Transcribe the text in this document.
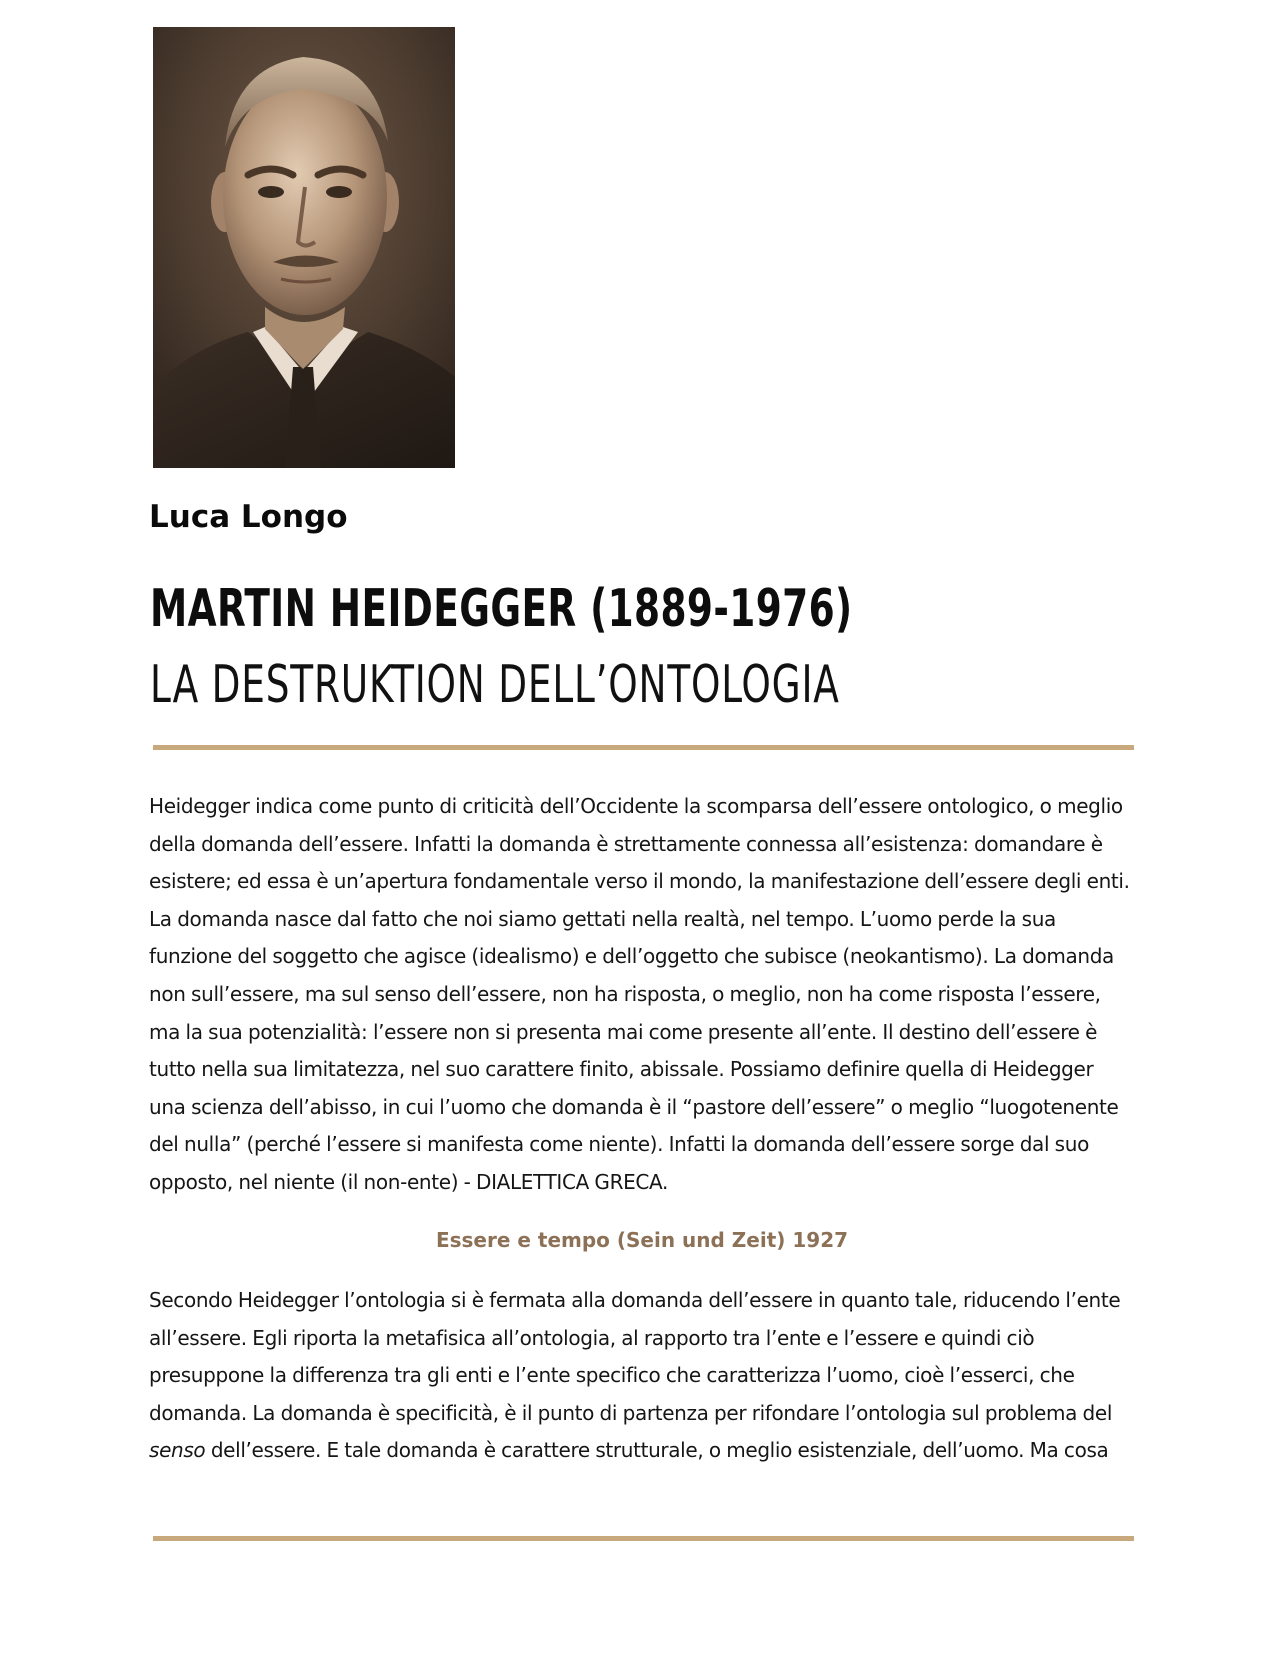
Luca Longo
MARTIN HEIDEGGER (1889-1976)
LA DESTRUKTION DELL’ONTOLOGIA

Heidegger indica come punto di criticità dell’Occidente la scomparsa dell’essere ontologico, o meglio della domanda dell’essere. Infatti la domanda è strettamente connessa all’esistenza: domandare è esistere; ed essa è un’apertura fondamentale verso il mondo, la manifestazione dell’essere degli enti. La domanda nasce dal fatto che noi siamo gettati nella realtà, nel tempo. L’uomo perde la sua funzione del soggetto che agisce (idealismo) e dell’oggetto che subisce (neokantismo). La domanda non sull’essere, ma sul senso dell’essere, non ha risposta, o meglio, non ha come risposta l’essere, ma la sua potenzialità: l’essere non si presenta mai come presente all’ente. Il destino dell’essere è tutto nella sua limitatezza, nel suo carattere finito, abissale. Possiamo definire quella di Heidegger una scienza dell’abisso, in cui l’uomo che domanda è il “pastore dell’essere” o meglio “luogotenente del nulla” (perché l’essere si manifesta come niente). Infatti la domanda dell’essere sorge dal suo opposto, nel niente (il non-ente) - DIALETTICA GRECA.

Essere e tempo (Sein und Zeit) 1927

Secondo Heidegger l’ontologia si è fermata alla domanda dell’essere in quanto tale, riducendo l’ente all’essere. Egli riporta la metafisica all’ontologia, al rapporto tra l’ente e l’essere e quindi ciò presuppone la differenza tra gli enti e l’ente specifico che caratterizza l’uomo, cioè l’esserci, che domanda. La domanda è specificità, è il punto di partenza per rifondare l’ontologia sul problema del senso dell’essere. E tale domanda è carattere strutturale, o meglio esistenziale, dell’uomo. Ma cosa
